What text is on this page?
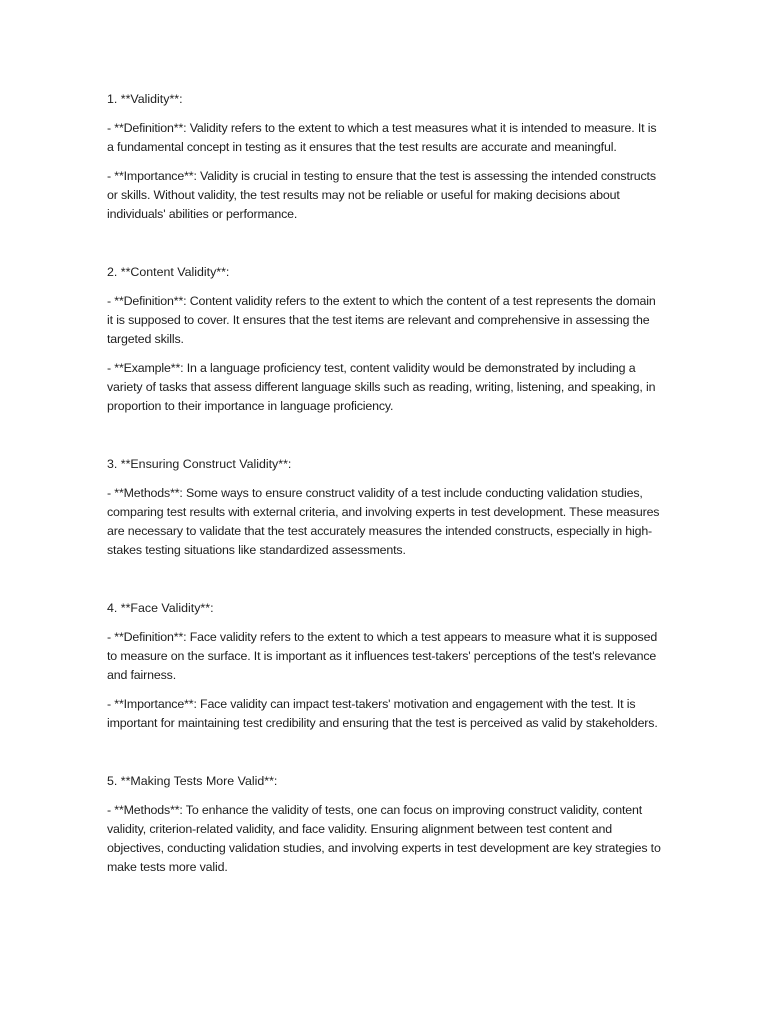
1. **Validity**:

- **Definition**: Validity refers to the extent to which a test measures what it is intended to measure. It is a fundamental concept in testing as it ensures that the test results are accurate and meaningful.

- **Importance**: Validity is crucial in testing to ensure that the test is assessing the intended constructs or skills. Without validity, the test results may not be reliable or useful for making decisions about individuals' abilities or performance.

2. **Content Validity**:

- **Definition**: Content validity refers to the extent to which the content of a test represents the domain it is supposed to cover. It ensures that the test items are relevant and comprehensive in assessing the targeted skills.

- **Example**: In a language proficiency test, content validity would be demonstrated by including a variety of tasks that assess different language skills such as reading, writing, listening, and speaking, in proportion to their importance in language proficiency.

3. **Ensuring Construct Validity**:

- **Methods**: Some ways to ensure construct validity of a test include conducting validation studies, comparing test results with external criteria, and involving experts in test development. These measures are necessary to validate that the test accurately measures the intended constructs, especially in high-stakes testing situations like standardized assessments.

4. **Face Validity**:

- **Definition**: Face validity refers to the extent to which a test appears to measure what it is supposed to measure on the surface. It is important as it influences test-takers' perceptions of the test's relevance and fairness.

- **Importance**: Face validity can impact test-takers' motivation and engagement with the test. It is important for maintaining test credibility and ensuring that the test is perceived as valid by stakeholders.

5. **Making Tests More Valid**:

- **Methods**: To enhance the validity of tests, one can focus on improving construct validity, content validity, criterion-related validity, and face validity. Ensuring alignment between test content and objectives, conducting validation studies, and involving experts in test development are key strategies to make tests more valid.
